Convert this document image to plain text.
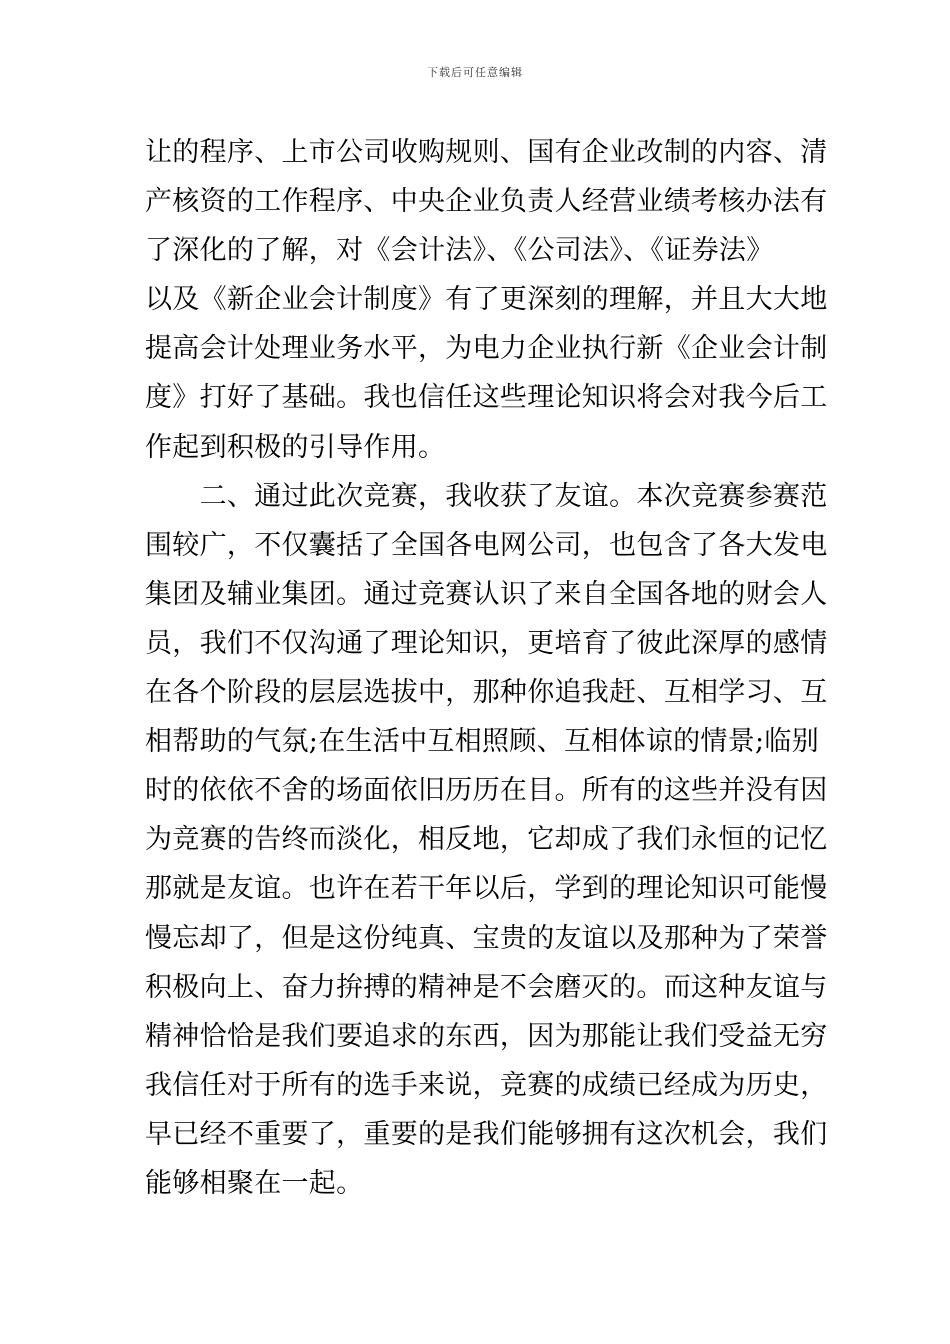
下载后可任意编辑
让的程序、上市公司收购规则、国有企业改制的内容、清
产核资的工作程序、中央企业负责人经营业绩考核办法有
了深化的了解，对《会计法》、《公司法》、《证券法》
以及《新企业会计制度》有了更深刻的理解，并且大大地
提高会计处理业务水平，为电力企业执行新《企业会计制
度》打好了基础。我也信任这些理论知识将会对我今后工
作起到积极的引导作用。
　　二、通过此次竞赛，我收获了友谊。本次竞赛参赛范
围较广，不仅囊括了全国各电网公司，也包含了各大发电
集团及辅业集团。通过竞赛认识了来自全国各地的财会人
员，我们不仅沟通了理论知识，更培育了彼此深厚的感情
在各个阶段的层层选拔中，那种你追我赶、互相学习、互
相帮助的气氛;在生活中互相照顾、互相体谅的情景;临别
时的依依不舍的场面依旧历历在目。所有的这些并没有因
为竞赛的告终而淡化，相反地，它却成了我们永恒的记忆
那就是友谊。也许在若干年以后，学到的理论知识可能慢
慢忘却了，但是这份纯真、宝贵的友谊以及那种为了荣誉
积极向上、奋力拚搏的精神是不会磨灭的。而这种友谊与
精神恰恰是我们要追求的东西，因为那能让我们受益无穷
我信任对于所有的选手来说，竞赛的成绩已经成为历史，
早已经不重要了，重要的是我们能够拥有这次机会，我们
能够相聚在一起。
